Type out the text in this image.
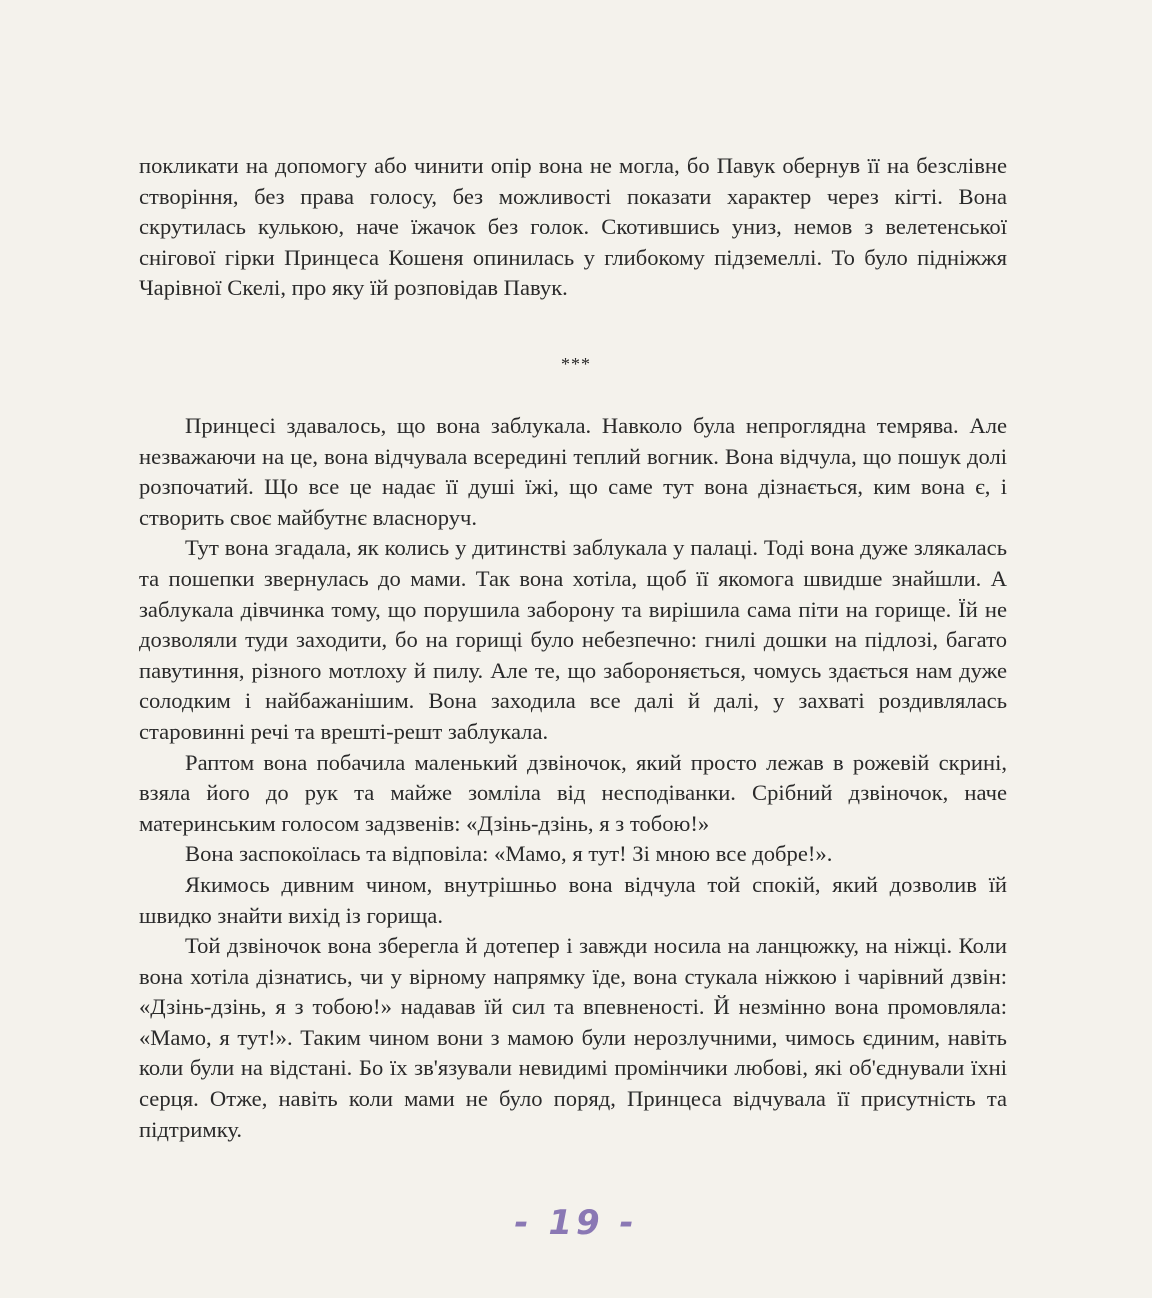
покликати на допомогу або чинити опір вона не могла, бо Павук обернув її на безслівне створіння, без права голосу, без можливості показати характер через кігті. Вона скрутилась кулькою, наче їжачок без голок. Скотившись униз, немов з велетенської снігової гірки Принцеса Кошеня опинилась у глибокому підземеллі. То було підніжжя Чарівної Скелі, про яку їй розповідав Павук.

***

Принцесі здавалось, що вона заблукала. Навколо була непроглядна темрява. Але незважаючи на це, вона відчувала всередині теплий вогник. Вона відчула, що пошук долі розпочатий. Що все це надає її душі їжі, що саме тут вона дізнається, ким вона є, і створить своє майбутнє власноруч.

Тут вона згадала, як колись у дитинстві заблукала у палаці. Тоді вона дуже злякалась та пошепки звернулась до мами. Так вона хотіла, щоб її якомога швидше знайшли. А заблукала дівчинка тому, що порушила заборону та вирішила сама піти на горище. Їй не дозволяли туди заходити, бо на горищі було небезпечно: гнилі дошки на підлозі, багато павутиння, різного мотлоху й пилу. Але те, що забороняється, чомусь здається нам дуже солодким і найбажанішим. Вона заходила все далі й далі, у захваті роздивлялась старовинні речі та врешті-решт заблукала.

Раптом вона побачила маленький дзвіночок, який просто лежав в рожевій скрині, взяла його до рук та майже зомліла від несподіванки. Срібний дзвіночок, наче материнським голосом задзвенів: «Дзінь-дзінь, я з тобою!»

Вона заспокоїлась та відповіла: «Мамо, я тут! Зі мною все добре!».

Якимось дивним чином, внутрішньо вона відчула той спокій, який дозволив їй швидко знайти вихід із горища.

Той дзвіночок вона зберегла й дотепер і завжди носила на ланцюжку, на ніжці. Коли вона хотіла дізнатись, чи у вірному напрямку їде, вона стукала ніжкою і чарівний дзвін: «Дзінь-дзінь, я з тобою!» надавав їй сил та впевненості. Й незмінно вона промовляла: «Мамо, я тут!». Таким чином вони з мамою були нерозлучними, чимось єдиним, навіть коли були на відстані. Бо їх зв'язували невидимі промінчики любові, які об'єднували їхні серця. Отже, навіть коли мами не було поряд, Принцеса відчувала її присутність та підтримку.

- 19 -
